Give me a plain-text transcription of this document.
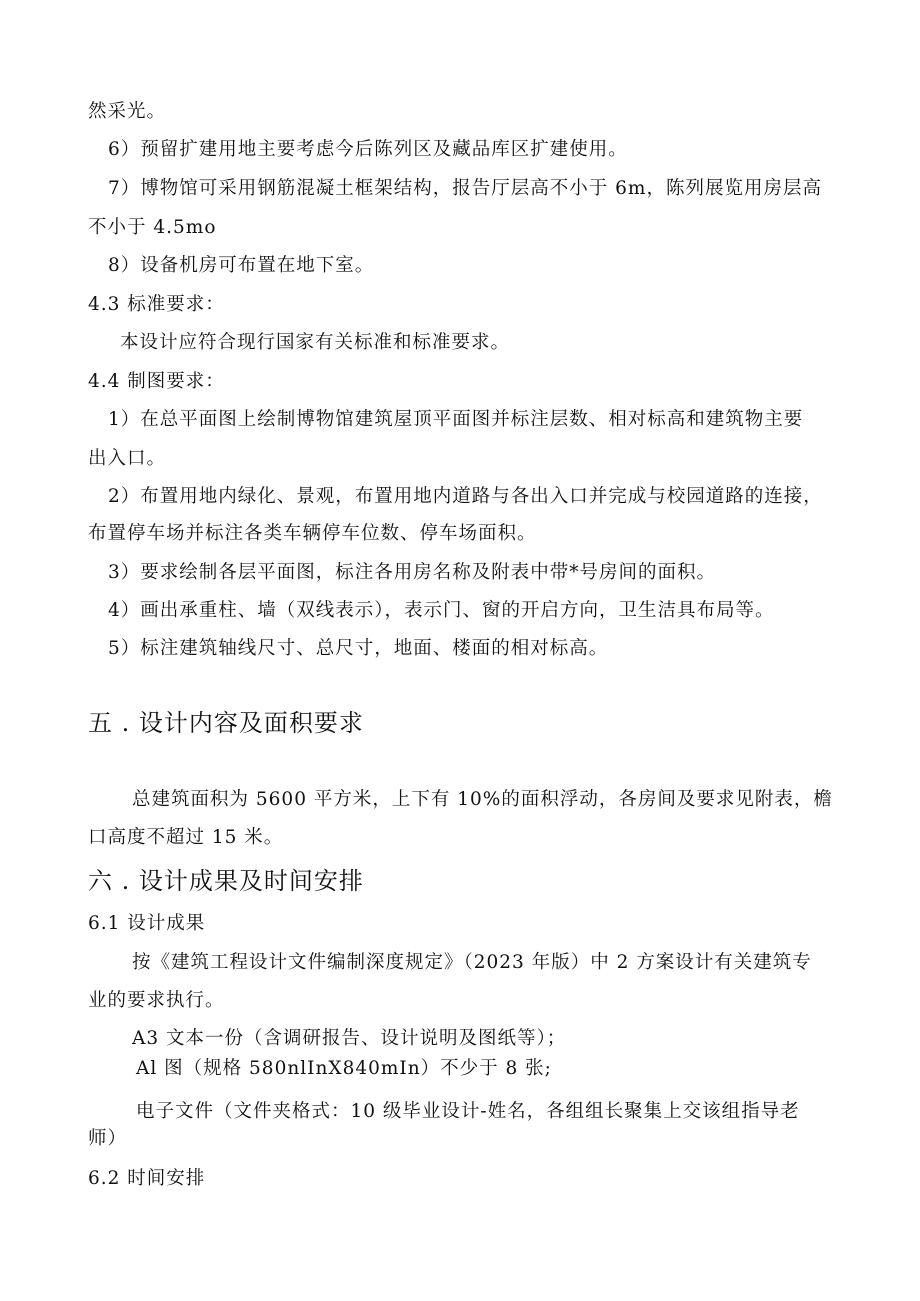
然采光。
6）预留扩建用地主要考虑今后陈列区及藏品库区扩建使用。
7）博物馆可采用钢筋混凝土框架结构，报告厅层高不小于 6m，陈列展览用房层高
不小于 4.5mo
8）设备机房可布置在地下室。
4.3 标准要求：
本设计应符合现行国家有关标准和标准要求。
4.4 制图要求：
1）在总平面图上绘制博物馆建筑屋顶平面图并标注层数、相对标高和建筑物主要
出入口。
2）布置用地内绿化、景观，布置用地内道路与各出入口并完成与校园道路的连接，
布置停车场并标注各类车辆停车位数、停车场面积。
3）要求绘制各层平面图，标注各用房名称及附表中带*号房间的面积。
4）画出承重柱、墙（双线表示），表示门、窗的开启方向，卫生洁具布局等。
5）标注建筑轴线尺寸、总尺寸，地面、楼面的相对标高。
五 . 设计内容及面积要求
总建筑面积为 5600 平方米，上下有 10%的面积浮动，各房间及要求见附表，檐
口高度不超过 15 米。
六 . 设计成果及时间安排
6.1 设计成果
按《建筑工程设计文件编制深度规定》（2023 年版）中 2 方案设计有关建筑专
业的要求执行。
A3 文本一份（含调研报告、设计说明及图纸等）；
Al 图（规格 580nlInX840mIn）不少于 8 张;
电子文件（文件夹格式：10 级毕业设计-姓名，各组组长聚集上交该组指导老
师）
6.2 时间安排
